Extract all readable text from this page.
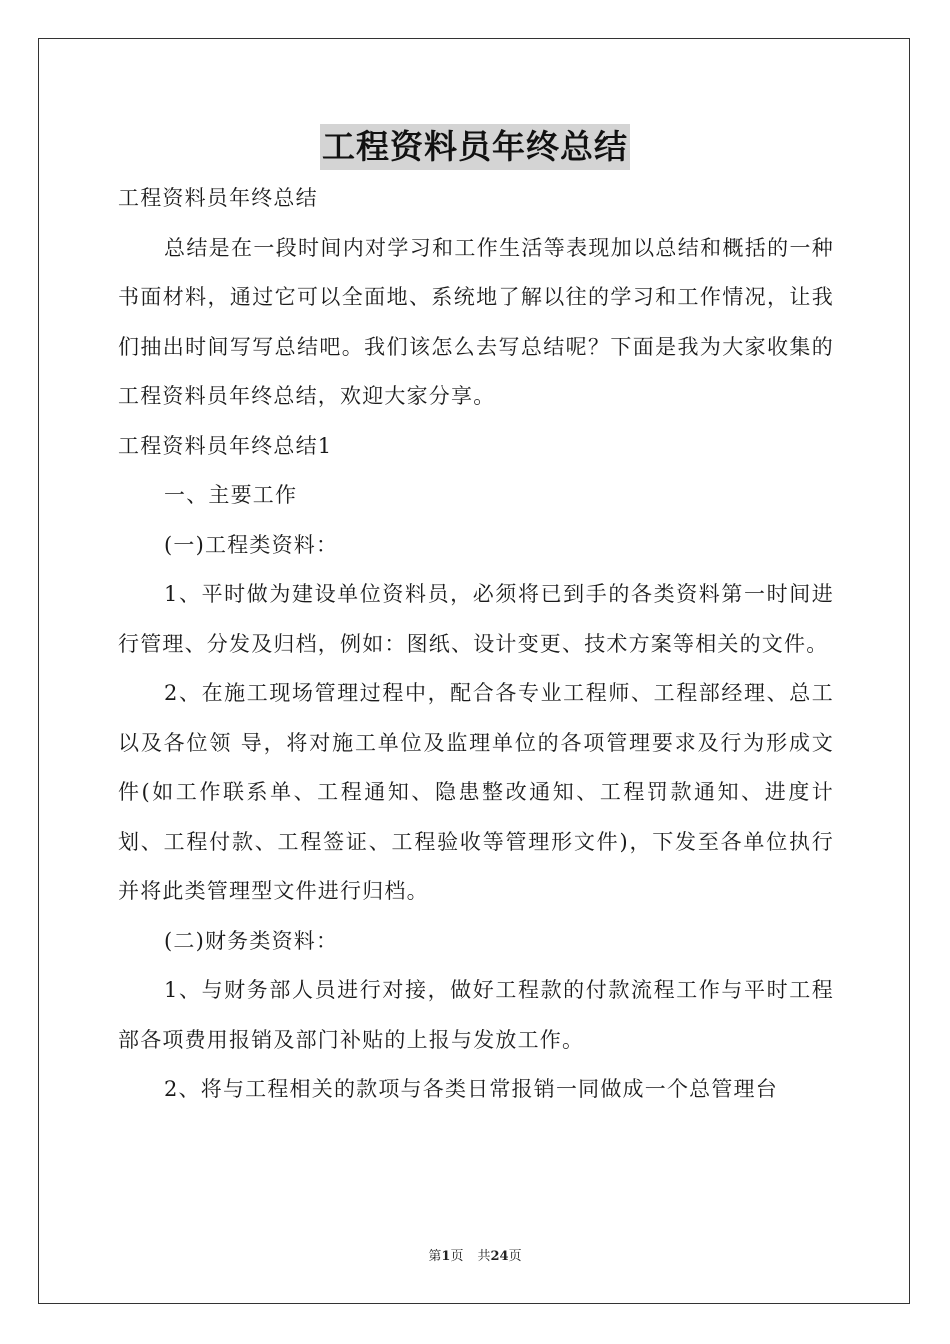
工程资料员年终总结

工程资料员年终总结

总结是在一段时间内对学习和工作生活等表现加以总结和概括的一种书面材料，通过它可以全面地、系统地了解以往的学习和工作情况，让我们抽出时间写写总结吧。我们该怎么去写总结呢？下面是我为大家收集的工程资料员年终总结，欢迎大家分享。

工程资料员年终总结1

一、主要工作

(一)工程类资料：

1、平时做为建设单位资料员，必须将已到手的各类资料第一时间进行管理、分发及归档，例如：图纸、设计变更、技术方案等相关的文件。

2、在施工现场管理过程中，配合各专业工程师、工程部经理、总工以及各位领 导，将对施工单位及监理单位的各项管理要求及行为形成文件(如工作联系单、工程通知、隐患整改通知、工程罚款通知、进度计划、工程付款、工程签证、工程验收等管理形文件)，下发至各单位执行并将此类管理型文件进行归档。

(二)财务类资料：

1、与财务部人员进行对接，做好工程款的付款流程工作与平时工程部各项费用报销及部门补贴的上报与发放工作。

2、将与工程相关的款项与各类日常报销一同做成一个总管理台

第1页 共24页
